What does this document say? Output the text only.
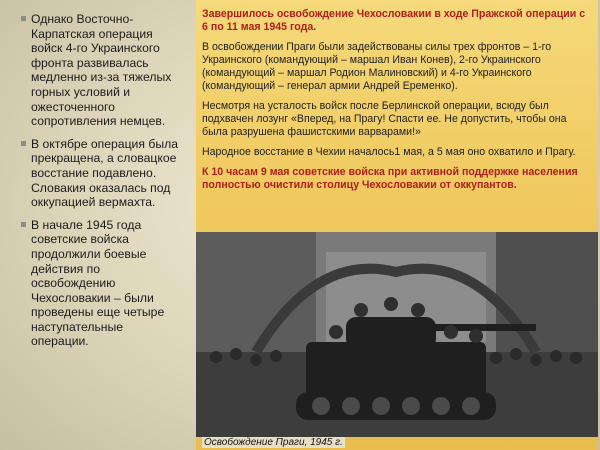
Однако Восточно-Карпатская операция войск 4-го Украинского фронта развивалась медленно из-за тяжелых горных условий и ожесточенного сопротивления немцев.

В октябре операция была прекращена, а словацкое восстание подавлено. Словакия оказалась под оккупацией вермахта.

В начале 1945 года советские войска продолжили боевые действия по освобождению Чехословакии – были проведены еще четыре наступательные операции.

Завершилось освобождение Чехословакии в ходе Пражской операции с 6 по 11 мая 1945 года.

В освобождении Праги были задействованы силы трех фронтов – 1-го Украинского (командующий – маршал Иван Конев), 2-го Украинского (командующий – маршал Родион Малиновский) и 4-го Украинского (командующий – генерал армии Андрей Еременко).

Несмотря на усталость войск после Берлинской операции, всюду был подхвачен лозунг «Вперед, на Прагу! Спасти ее. Не допустить, чтобы она была разрушена фашистскими варварами!»

Народное восстание в Чехии началось1 мая, а 5 мая оно охватило и Прагу.

К 10 часам 9 мая советские войска при активной поддержке населения полностью очистили столицу Чехословакии от оккупантов.

Освобождение Праги, 1945 г.
